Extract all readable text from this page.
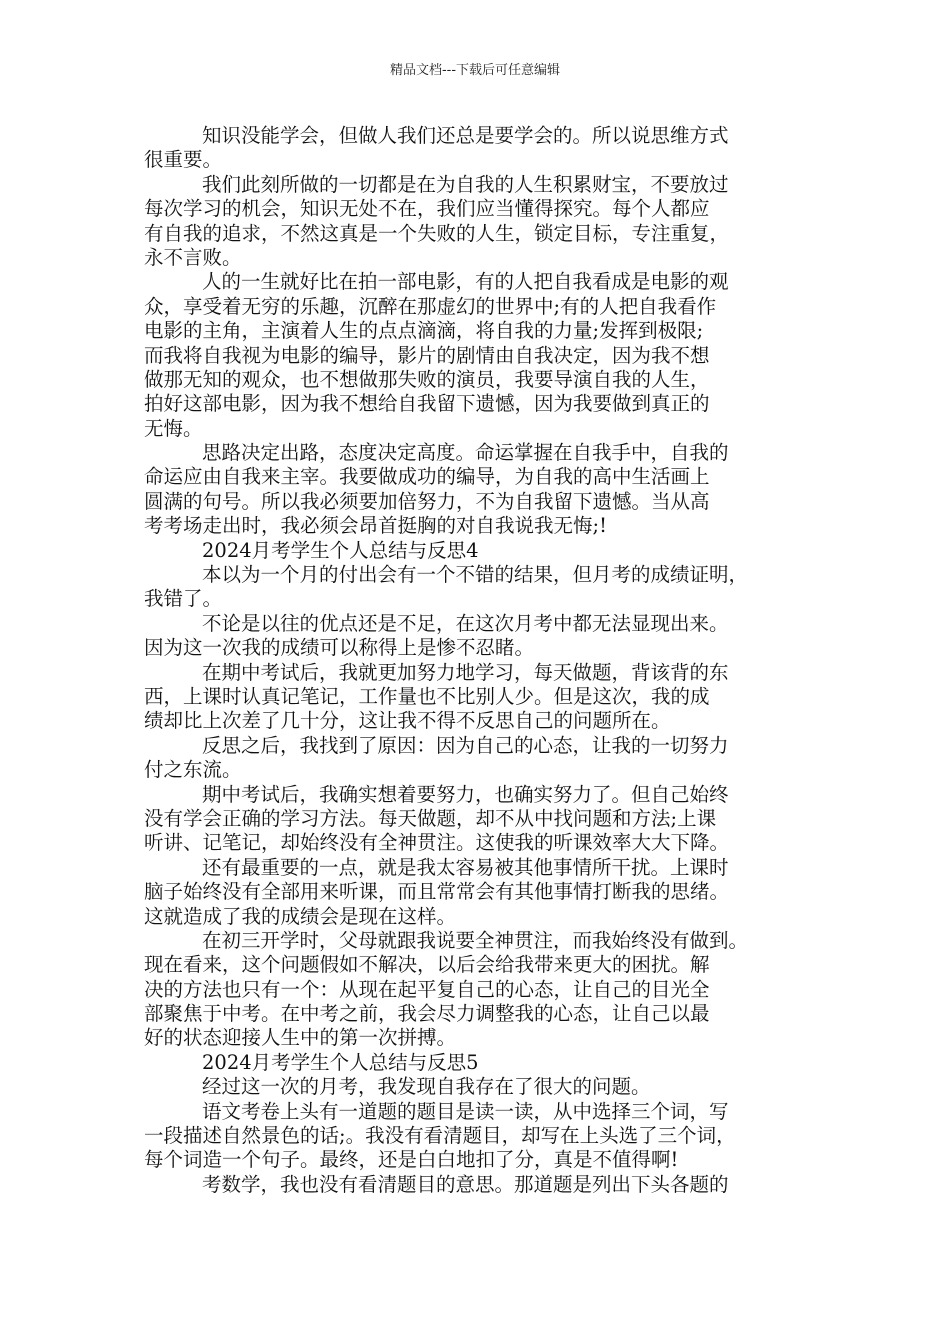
精品文档---下载后可任意编辑
知识没能学会，但做人我们还总是要学会的。所以说思维方式
很重要。
我们此刻所做的一切都是在为自我的人生积累财宝，不要放过
每次学习的机会，知识无处不在，我们应当懂得探究。每个人都应
有自我的追求，不然这真是一个失败的人生，锁定目标，专注重复，
永不言败。
人的一生就好比在拍一部电影，有的人把自我看成是电影的观
众，享受着无穷的乐趣，沉醉在那虚幻的世界中;有的人把自我看作
电影的主角，主演着人生的点点滴滴，将自我的力量;发挥到极限;
而我将自我视为电影的编导，影片的剧情由自我决定，因为我不想
做那无知的观众，也不想做那失败的演员，我要导演自我的人生，
拍好这部电影，因为我不想给自我留下遗憾，因为我要做到真正的
无悔。
思路决定出路，态度决定高度。命运掌握在自我手中，自我的
命运应由自我来主宰。我要做成功的编导，为自我的高中生活画上
圆满的句号。所以我必须要加倍努力，不为自我留下遗憾。当从高
考考场走出时，我必须会昂首挺胸的对自我说我无悔;!
2024月考学生个人总结与反思4
本以为一个月的付出会有一个不错的结果，但月考的成绩证明，
我错了。
不论是以往的优点还是不足，在这次月考中都无法显现出来。
因为这一次我的成绩可以称得上是惨不忍睹。
在期中考试后，我就更加努力地学习，每天做题，背该背的东
西，上课时认真记笔记，工作量也不比别人少。但是这次，我的成
绩却比上次差了几十分，这让我不得不反思自己的问题所在。
反思之后，我找到了原因：因为自己的心态，让我的一切努力
付之东流。
期中考试后，我确实想着要努力，也确实努力了。但自己始终
没有学会正确的学习方法。每天做题，却不从中找问题和方法;上课
听讲、记笔记，却始终没有全神贯注。这使我的听课效率大大下降。
还有最重要的一点，就是我太容易被其他事情所干扰。上课时
脑子始终没有全部用来听课，而且常常会有其他事情打断我的思绪。
这就造成了我的成绩会是现在这样。
在初三开学时，父母就跟我说要全神贯注，而我始终没有做到。
现在看来，这个问题假如不解决，以后会给我带来更大的困扰。解
决的方法也只有一个：从现在起平复自己的心态，让自己的目光全
部聚焦于中考。在中考之前，我会尽力调整我的心态，让自己以最
好的状态迎接人生中的第一次拼搏。
2024月考学生个人总结与反思5
经过这一次的月考，我发现自我存在了很大的问题。
语文考卷上头有一道题的题目是读一读，从中选择三个词，写
一段描述自然景色的话;。我没有看清题目，却写在上头选了三个词，
每个词造一个句子。最终，还是白白地扣了分，真是不值得啊!
考数学，我也没有看清题目的意思。那道题是列出下头各题的
